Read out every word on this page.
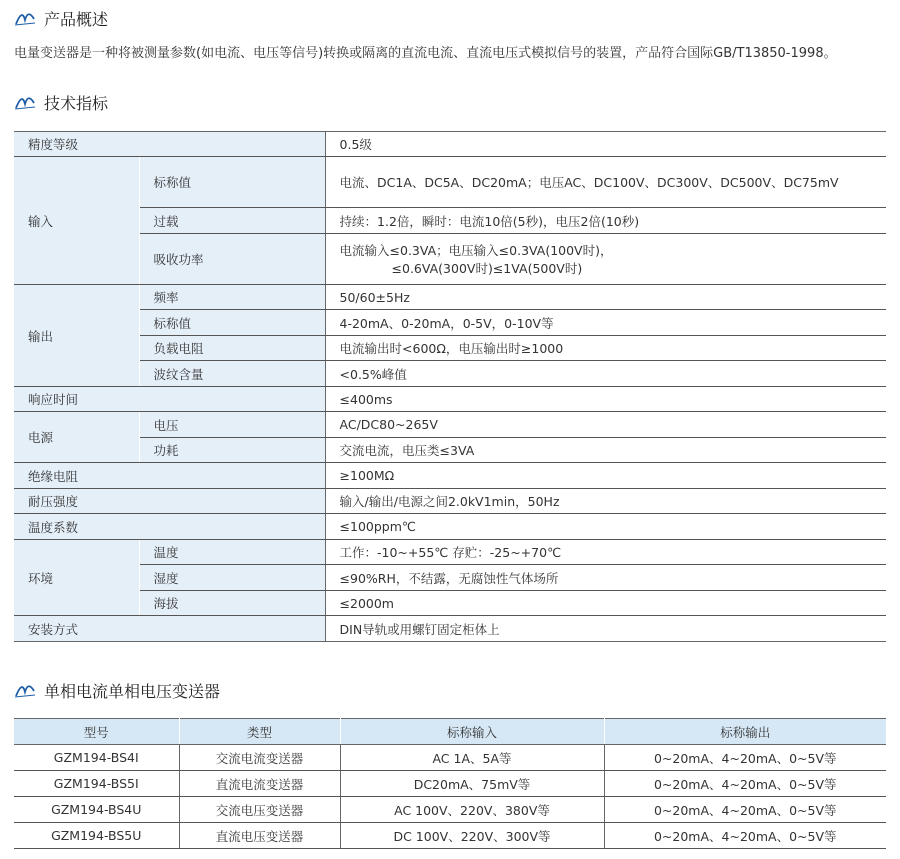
产品概述
电量变送器是一种将被测量参数(如电流、电压等信号)转换或隔离的直流电流、直流电压式模拟信号的装置，产品符合国际GB/T13850-1998。
技术指标
精度等级		0.5级
输入	标称值	电流、DC1A、DC5A、DC20mA；电压AC、DC100V、DC300V、DC500V、DC75mV
	过载	持续：1.2倍，瞬时：电流10倍(5秒)，电压2倍(10秒)
	吸收功率	电流输入≤0.3VA；电压输入≤0.3VA(100V时)，
≤0.6VA(300V时)≤1VA(500V时)

输出	频率	50/60±5Hz
	标称值	4-20mA、0-20mA，0-5V，0-10V等
	负载电阻	电流输出时<600Ω，电压输出时≥1000
	波纹含量	<0.5%峰值
响应时间		≤400ms
电源	电压	AC/DC80~265V
	功耗	交流电流，电压类≤3VA
绝缘电阻		≥100MΩ
耐压强度		输入/输出/电源之间2.0kV1min，50Hz
温度系数		≤100ppm℃
环境	温度	工作：-10~+55℃ 存贮：-25~+70℃
	湿度	≤90%RH，不结露，无腐蚀性气体场所
	海拔	≤2000m
安装方式		DIN导轨或用螺钉固定柜体上
单相电流单相电压变送器
型号	类型	标称输入	标称输出
GZM194-BS4I	交流电流变送器	AC 1A、5A等	0~20mA、4~20mA、0~5V等
GZM194-BS5I	直流电流变送器	DC20mA、75mV等	0~20mA、4~20mA、0~5V等
GZM194-BS4U	交流电压变送器	AC 100V、220V、380V等	0~20mA、4~20mA、0~5V等
GZM194-BS5U	直流电压变送器	DC 100V、220V、300V等	0~20mA、4~20mA、0~5V等
